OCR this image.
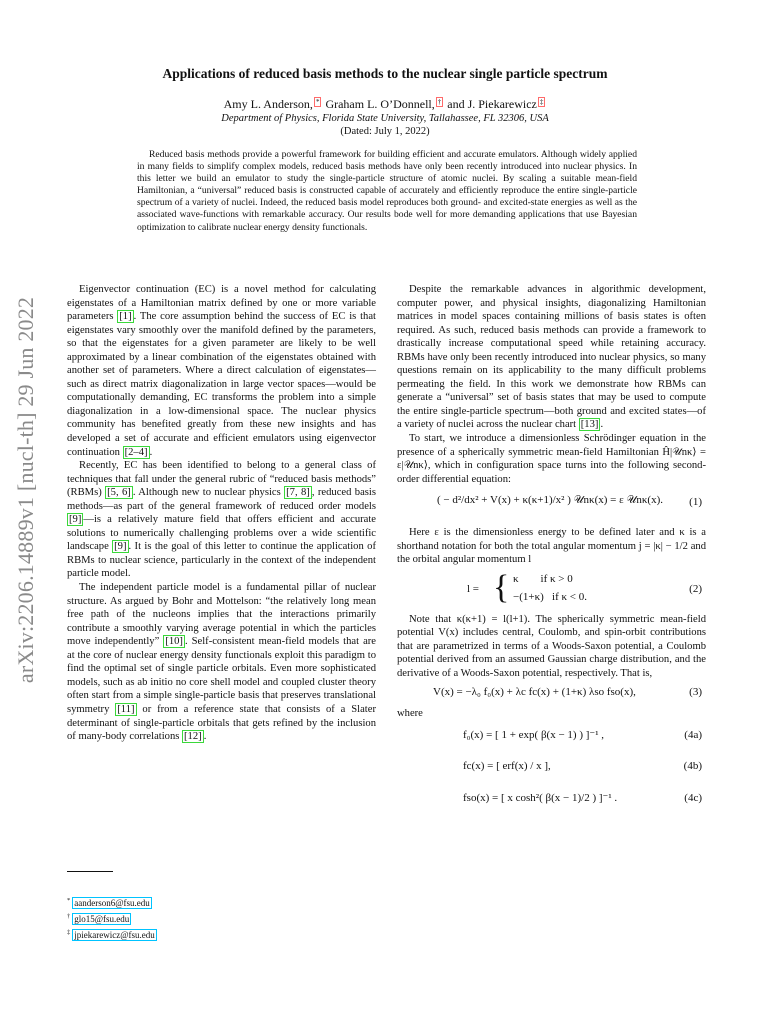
arXiv:2206.14889v1 [nucl-th] 29 Jun 2022
Applications of reduced basis methods to the nuclear single particle spectrum
Amy L. Anderson, * Graham L. O’Donnell, † and J. Piekarewicz ‡
Department of Physics, Florida State University, Tallahassee, FL 32306, USA
(Dated: July 1, 2022)
Reduced basis methods provide a powerful framework for building efficient and accurate emulators. Although widely applied in many fields to simplify complex models, reduced basis methods have only been recently introduced into nuclear physics. In this letter we build an emulator to study the single-particle structure of atomic nuclei. By scaling a suitable mean-field Hamiltonian, a “universal” reduced basis is constructed capable of accurately and efficiently reproduce the entire single-particle spectrum of a variety of nuclei. Indeed, the reduced basis model reproduces both ground- and excited-state energies as well as the associated wave-functions with remarkable accuracy. Our results bode well for more demanding applications that use Bayesian optimization to calibrate nuclear energy density functionals.

Eigenvector continuation (EC) is a novel method for calculating eigenstates of a Hamiltonian matrix defined by one or more variable parameters [1] . The core assumption behind the success of EC is that eigenstates vary smoothly over the manifold defined by the parameters, so that the eigenstates for a given parameter are likely to be well approximated by a linear combination of the eigenstates obtained with another set of parameters. Where a direct calculation of eigenstates—such as direct matrix diagonalization in large vector spaces—would be computationally demanding, EC transforms the problem into a simple diagonalization in a low-dimensional space. The nuclear physics community has benefited greatly from these new insights and has developed a set of accurate and efficient emulators using eigenvector continuation [2–4] .

Recently, EC has been identified to belong to a general class of techniques that fall under the general rubric of “reduced basis methods” (RBMs) [5, 6] . Although new to nuclear physics [7, 8] , reduced basis methods—as part of the general framework of reduced order models [9] —is a relatively mature field that offers efficient and accurate solutions to numerically challenging problems over a wide scientific landscape [9] . It is the goal of this letter to continue the application of RBMs to nuclear science, particularly in the context of the independent particle model.

The independent particle model is a fundamental pillar of nuclear structure. As argued by Bohr and Mottelson: “the relatively long mean free path of the nucleons implies that the interactions primarily contribute a smoothly varying average potential in which the particles move independently” [10] . Self-consistent mean-field models that are at the core of nuclear energy density functionals exploit this paradigm to find the optimal set of single particle orbitals. Even more sophisticated models, such as ab initio no core shell model and coupled cluster theory often start from a simple single-particle basis that preserves translational symmetry [11] or from a reference state that consists of a Slater determinant of single-particle orbitals that gets refined by the inclusion of many-body correlations [12] .

Despite the remarkable advances in algorithmic development, computer power, and physical insights, diagonalizing Hamiltonian matrices in model spaces containing millions of basis states is often required. As such, reduced basis methods can provide a framework to drastically increase computational speed while retaining accuracy. RBMs have only been recently introduced into nuclear physics, so many questions remain on its applicability to the many difficult problems permeating the field. In this work we demonstrate how RBMs can generate a “universal” set of basis states that may be used to compute the entire single-particle spectrum—both ground and excited states—of a variety of nuclei across the nuclear chart [13] .

To start, we introduce a dimensionless Schrödinger equation in the presence of a spherically symmetric mean-field Hamiltonian Ĥ|𝒰nκ⟩ = ε|𝒰nκ⟩, which in configuration space turns into the following second-order differential equation:

( − d²/dx² + V(x) + κ(κ+1)/x² ) 𝒰nκ(x) = ε 𝒰nκ(x). (1)

Here ε is the dimensionless energy to be defined later and κ is a shorthand notation for both the total angular momentum j = |κ| − 1/2 and the orbital angular momentum l

l = { κ        if κ > 0
−(1+κ)   if κ < 0.
(2)

Note that κ(κ+1) = l(l+1). The spherically symmetric mean-field potential V(x) includes central, Coulomb, and spin-orbit contributions that are parametrized in terms of a Woods-Saxon potential, a Coulomb potential derived from an assumed Gaussian charge distribution, and the derivative of a Woods-Saxon potential, respectively. That is,

V(x) = −λ₀ f₀(x) + λc fc(x) + (1+κ) λso fso(x),	(3)

where

f₀(x) = [ 1 + exp( β(x − 1) ) ]⁻¹ ,	(4a)
fc(x) = [ erf(x) / x ],	(4b)
fso(x) = [ x cosh²( β(x − 1)/2 ) ]⁻¹ .	(4c)
* aanderson6@fsu.edu
† glo15@fsu.edu
‡ jpiekarewicz@fsu.edu
